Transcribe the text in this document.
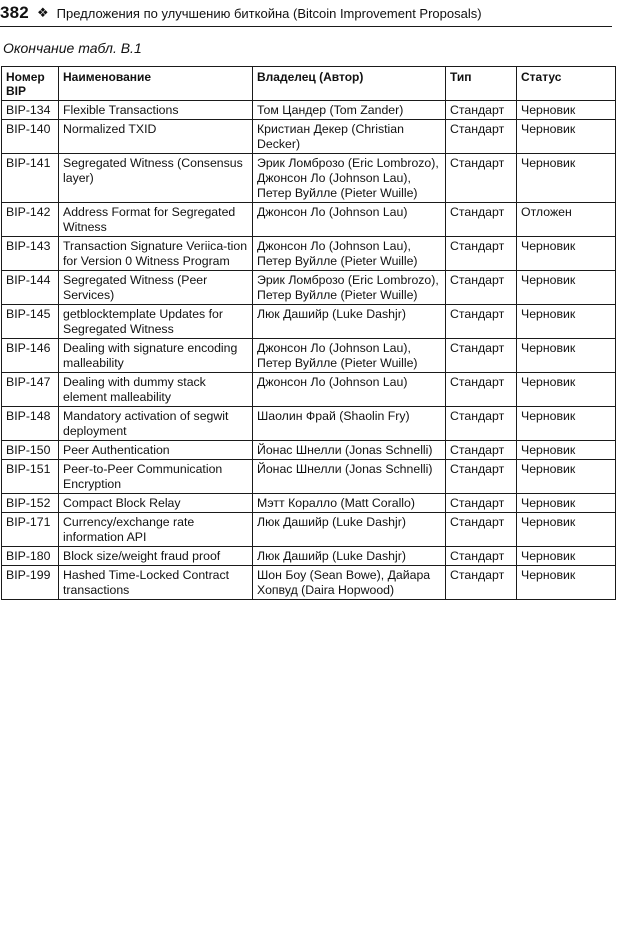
382 ❖ Предложения по улучшению биткойна (Bitcoin Improvement Proposals)
Окончание табл. В.1
Номер BIP	Наименование	Владелец (Автор)	Тип	Статус
BIP-134	Flexible Transactions	Том Цандер (Tom Zander)	Стандарт	Черновик
BIP-140	Normalized TXID	Кристиан Декер (Christian Decker)	Стандарт	Черновик
BIP-141	Segregated Witness (Consensus layer)	Эрик Ломброзо (Eric Lombrozo), Джонсон Ло (Johnson Lau), Петер Вуйлле (Pieter Wuille)	Стандарт	Черновик
BIP-142	Address Format for Segregated Witness	Джонсон Ло (Johnson Lau)	Стандарт	Отложен
BIP-143	Transaction Signature Veriica-tion for Version 0 Witness Program	Джонсон Ло (Johnson Lau), Петер Вуйлле (Pieter Wuille)	Стандарт	Черновик
BIP-144	Segregated Witness (Peer Services)	Эрик Ломброзо (Eric Lombrozo), Петер Вуйлле (Pieter Wuille)	Стандарт	Черновик
BIP-145	getblocktemplate Updates for Segregated Witness	Люк Дашийр (Luke Dashjr)	Стандарт	Черновик
BIP-146	Dealing with signature encoding malleability	Джонсон Ло (Johnson Lau), Петер Вуйлле (Pieter Wuille)	Стандарт	Черновик
BIP-147	Dealing with dummy stack element malleability	Джонсон Ло (Johnson Lau)	Стандарт	Черновик
BIP-148	Mandatory activation of segwit deployment	Шаолин Фрай (Shaolin Fry)	Стандарт	Черновик
BIP-150	Peer Authentication	Йонас Шнелли (Jonas Schnelli)	Стандарт	Черновик
BIP-151	Peer-to-Peer Communication Encryption	Йонас Шнелли (Jonas Schnelli)	Стандарт	Черновик
BIP-152	Compact Block Relay	Мэтт Коралло (Matt Corallo)	Стандарт	Черновик
BIP-171	Currency/exchange rate information API	Люк Дашийр (Luke Dashjr)	Стандарт	Черновик
BIP-180	Block size/weight fraud proof	Люк Дашийр (Luke Dashjr)	Стандарт	Черновик
BIP-199	Hashed Time-Locked Contract transactions	Шон Боу (Sean Bowe), Дайара Хопвуд (Daira Hopwood)	Стандарт	Черновик
